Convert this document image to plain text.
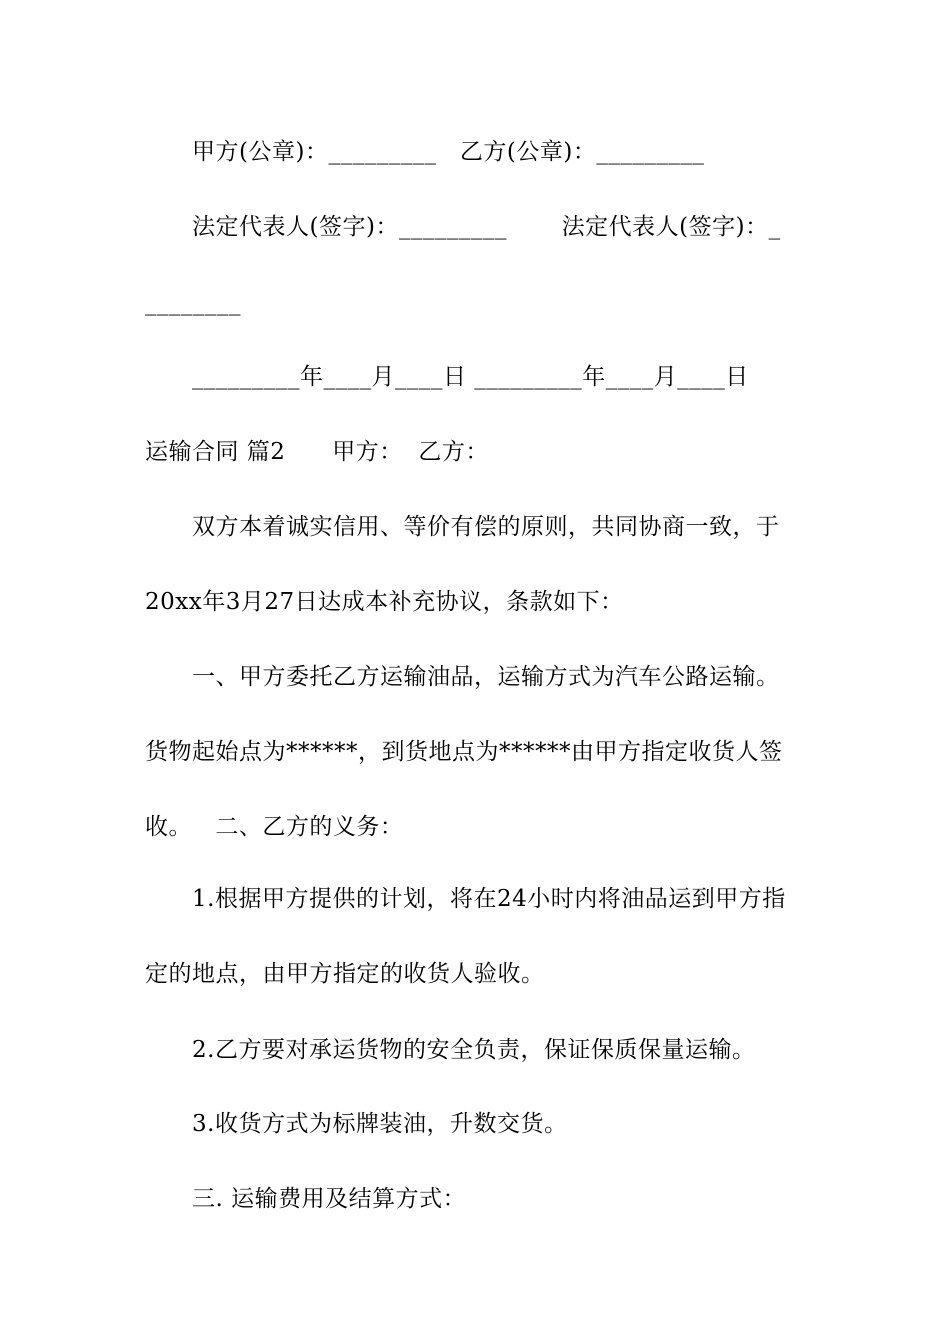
甲方(公章)：_________   乙方(公章)：_________
法定代表人(签字)：_________       法定代表人(签字)：_
________
_________年____月____日 _________年____月____日
运输合同 篇2      甲方：  乙方：
双方本着诚实信用、等价有偿的原则，共同协商一致，于
20xx年3月27日达成本补充协议，条款如下：
一、甲方委托乙方运输油品，运输方式为汽车公路运输。
货物起始点为******，到货地点为******由甲方指定收货人签
收。   二、乙方的义务：
1.根据甲方提供的计划，将在24小时内将油品运到甲方指
定的地点，由甲方指定的收货人验收。
2.乙方要对承运货物的安全负责，保证保质保量运输。
3.收货方式为标牌装油，升数交货。
三. 运输费用及结算方式：
